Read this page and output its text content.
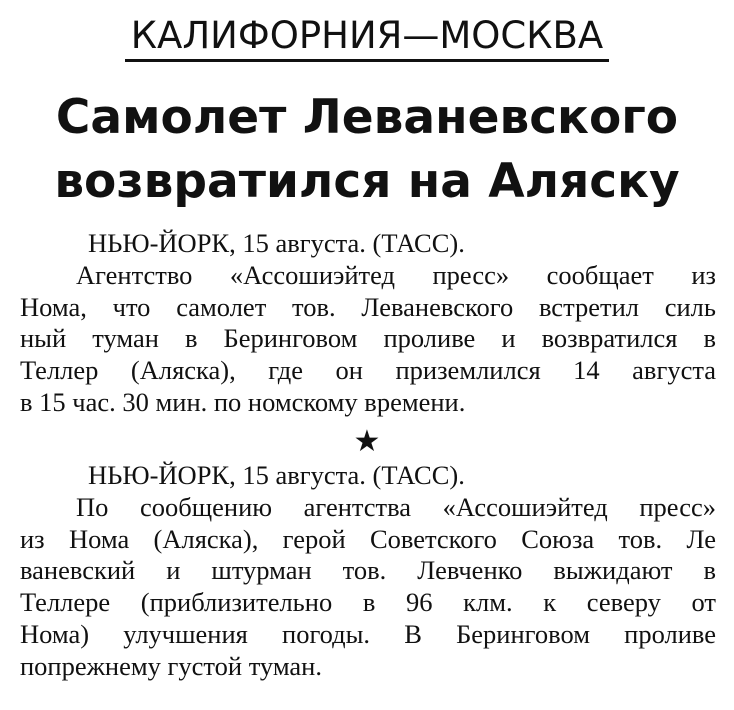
КАЛИФОРНИЯ—МОСКВА
Самолет Леваневского
возвратился на Аляску
НЬЮ-ЙОРК, 15 августа. (ТАСС).
Агентство «Ассошиэйтед пресс» сообщает из
Нома, что самолет тов. Леваневского встретил силь
ный туман в Беринговом проливе и возвратился в
Теллер (Аляска), где он приземлился 14 августа
в 15 час. 30 мин. по номскому времени.
★
НЬЮ-ЙОРК, 15 августа. (ТАСС).
По сообщению агентства «Ассошиэйтед пресс»
из Нома (Аляска), герой Советского Союза тов. Ле
ваневский и штурман тов. Левченко выжидают в
Теллере (приблизительно в 96 клм. к северу от
Нома) улучшения погоды. В Беринговом проливе
попрежнему густой туман.
